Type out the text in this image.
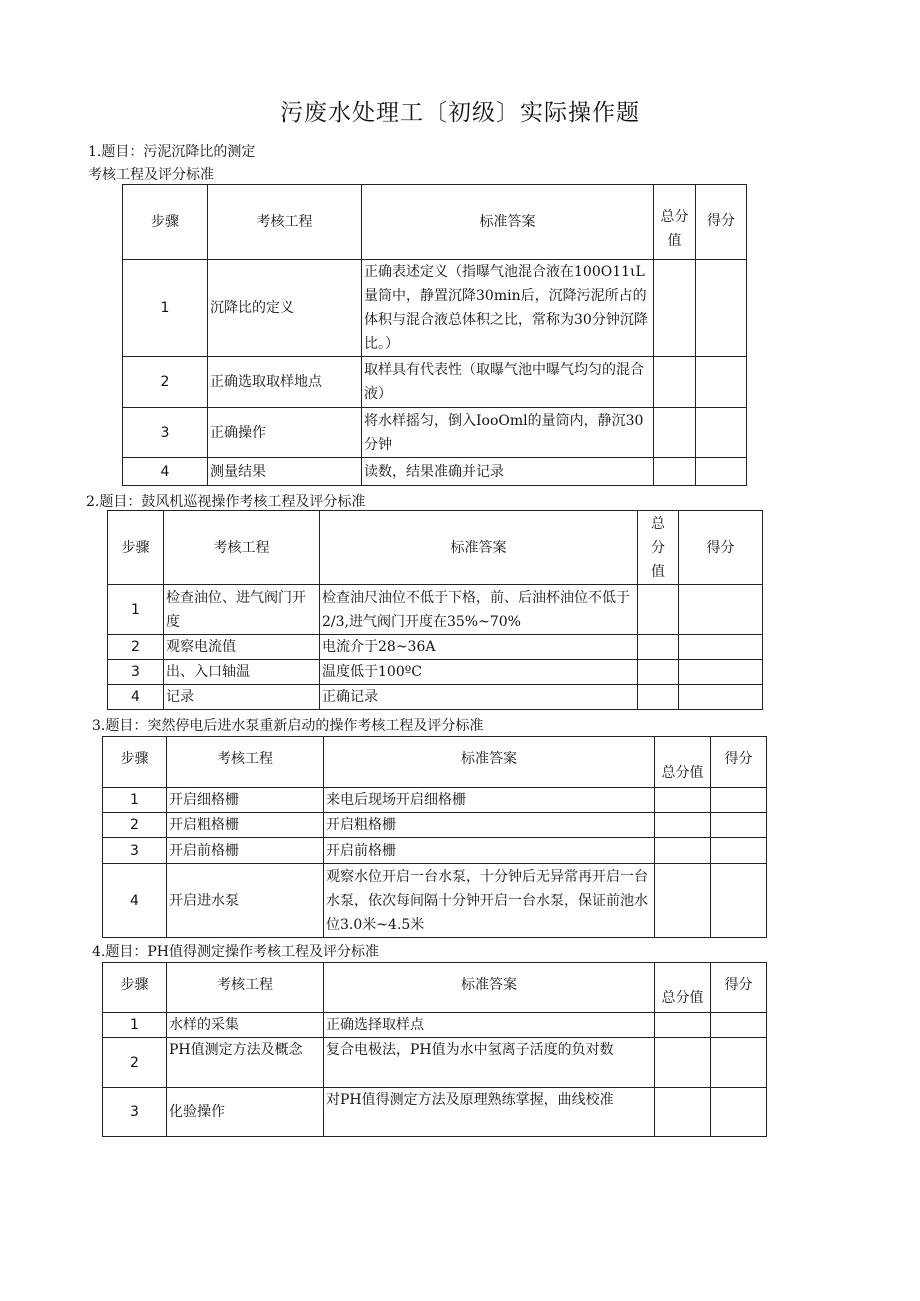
污废水处理工〔初级〕实际操作题
1.题目：污泥沉降比的测定
考核工程及评分标准
步骤	考核工程	标准答案	总分值	得分
1	沉降比的定义	正确表述定义（指曝气池混合液在100O11ιL量筒中，静置沉降30min后，沉降污泥所占的体积与混合液总体积之比，常称为30分钟沉降比。）		
2	正确选取取样地点	取样具有代表性（取曝气池中曝气均匀的混合液）		
3	正确操作	将水样摇匀，倒入IooOml的量筒内，静沉30分钟		
4	测量结果	读数，结果准确并记录		
2.题目：鼓风机巡视操作考核工程及评分标准
步骤	考核工程	标准答案	总分值	得分
1	检查油位、进气阀门开度	检查油尺油位不低于下格，前、后油杯油位不低于2/3,进气阀门开度在35%~70%		
2	观察电流值	电流介于28~36A		
3	出、入口轴温	温度低于100ºC		
4	记录	正确记录		
3.题目：突然停电后进水泵重新启动的操作考核工程及评分标准
步骤	考核工程	标准答案	总分值	得分
1	开启细格栅	来电后现场开启细格栅		
2	开启粗格栅	开启粗格栅		
3	开启前格栅	开启前格栅		
4	开启进水泵	观察水位开启一台水泵，十分钟后无异常再开启一台水泵，依次每间隔十分钟开启一台水泵，保证前池水位3.0米~4.5米		
4.题目：PH值得测定操作考核工程及评分标准
步骤	考核工程	标准答案	总分值	得分
1	水样的采集	正确选择取样点		
2	PH值测定方法及概念	复合电极法，PH值为水中氢离子活度的负对数		
3	化验操作	对PH值得测定方法及原理熟练掌握，曲线校准		
